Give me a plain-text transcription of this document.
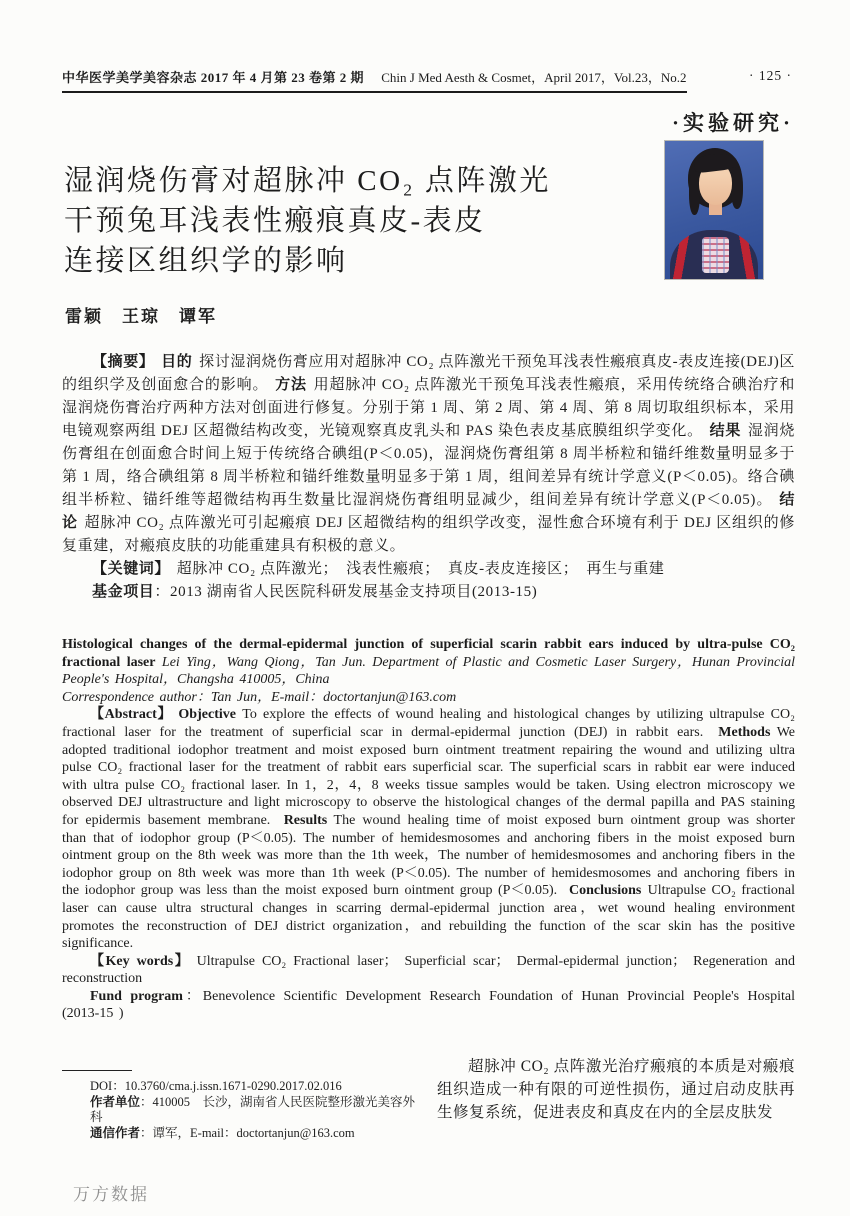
中华医学美学美容杂志 2017 年 4 月第 23 卷第 2 期 Chin J Med Aesth & Cosmet，April 2017，Vol.23，No.2	· 125 ·
·实验研究·
湿润烧伤膏对超脉冲 CO₂ 点阵激光
干预兔耳浅表性瘢痕真皮-表皮
连接区组织学的影响
雷颖　王琼　谭军

【摘要】 目的 探讨湿润烧伤膏应用对超脉冲 CO₂ 点阵激光干预兔耳浅表性瘢痕真皮-表皮连接(DEJ)区的组织学及创面愈合的影响。 方法 用超脉冲 CO₂ 点阵激光干预兔耳浅表性瘢痕，采用传统络合碘治疗和湿润烧伤膏治疗两种方法对创面进行修复。分别于第 1 周、第 2 周、第 4 周、第 8 周切取组织标本，采用电镜观察两组 DEJ 区超微结构改变，光镜观察真皮乳头和 PAS 染色表皮基底膜组织学变化。 结果 湿润烧伤膏组在创面愈合时间上短于传统络合碘组(P＜0.05)，湿润烧伤膏组第 8 周半桥粒和锚纤维数量明显多于第 1 周，络合碘组第 8 周半桥粒和锚纤维数量明显多于第 1 周，组间差异有统计学意义(P＜0.05)。络合碘组半桥粒、锚纤维等超微结构再生数量比湿润烧伤膏组明显减少，组间差异有统计学意义(P＜0.05)。 结论 超脉冲 CO₂ 点阵激光可引起瘢痕 DEJ 区超微结构的组织学改变，湿性愈合环境有利于 DEJ 区组织的修复重建，对瘢痕皮肤的功能重建具有积极的意义。

【关键词】 超脉冲 CO₂ 点阵激光；　浅表性瘢痕；　真皮-表皮连接区；　再生与重建

基金项目：2013 湖南省人民医院科研发展基金支持项目(2013-15)

Histological changes of the dermal-epidermal junction of superficial scarin rabbit ears induced by ultra-pulse CO₂ fractional laser Lei Ying，Wang Qiong，Tan Jun. Department of Plastic and Cosmetic Laser Surgery，Hunan Provincial People's Hospital，Changsha 410005，China

Correspondence author：Tan Jun，E-mail：doctortanjun@163.com

【Abstract】 Objective To explore the effects of wound healing and histological changes by utilizing ultrapulse CO₂ fractional laser for the treatment of superficial scar in dermal-epidermal junction (DEJ) in rabbit ears. Methods We adopted traditional iodophor treatment and moist exposed burn ointment treatment repairing the wound and utilizing ultra pulse CO₂ fractional laser for the treatment of rabbit ears superficial scar. The superficial scars in rabbit ear were induced with ultra pulse CO₂ fractional laser. In 1，2，4，8 weeks tissue samples would be taken. Using electron microscopy we observed DEJ ultrastructure and light microscopy to observe the histological changes of the dermal papilla and PAS staining for epidermis basement membrane. Results The wound healing time of moist exposed burn ointment group was shorter than that of iodophor group (P＜0.05). The number of hemidesmosomes and anchoring fibers in the moist exposed burn ointment group on the 8th week was more than the 1th week，The number of hemidesmosomes and anchoring fibers in the iodophor group on 8th week was more than 1th week (P＜0.05). The number of hemidesmosomes and anchoring fibers in the iodophor group was less than the moist exposed burn ointment group (P＜0.05). Conclusions Ultrapulse CO₂ fractional laser can cause ultra structural changes in scarring dermal-epidermal junction area，wet wound healing environment promotes the reconstruction of DEJ district organization，and rebuilding the function of the scar skin has the positive significance.

【Key words】 Ultrapulse CO₂ Fractional laser； Superficial scar； Dermal-epidermal junction； Regeneration and reconstruction

Fund program：Benevolence Scientific Development Research Foundation of Hunan Provincial People's Hospital (2013-15 )

DOI：10.3760/cma.j.issn.1671-0290.2017.02.016

作者单位：410005　长沙，湖南省人民医院整形激光美容外科

通信作者：谭军，E-mail：doctortanjun@163.com

超脉冲 CO₂ 点阵激光治疗瘢痕的本质是对瘢痕组织造成一种有限的可逆性损伤，通过启动皮肤再生修复系统，促进表皮和真皮在内的全层皮肤发

万方数据
